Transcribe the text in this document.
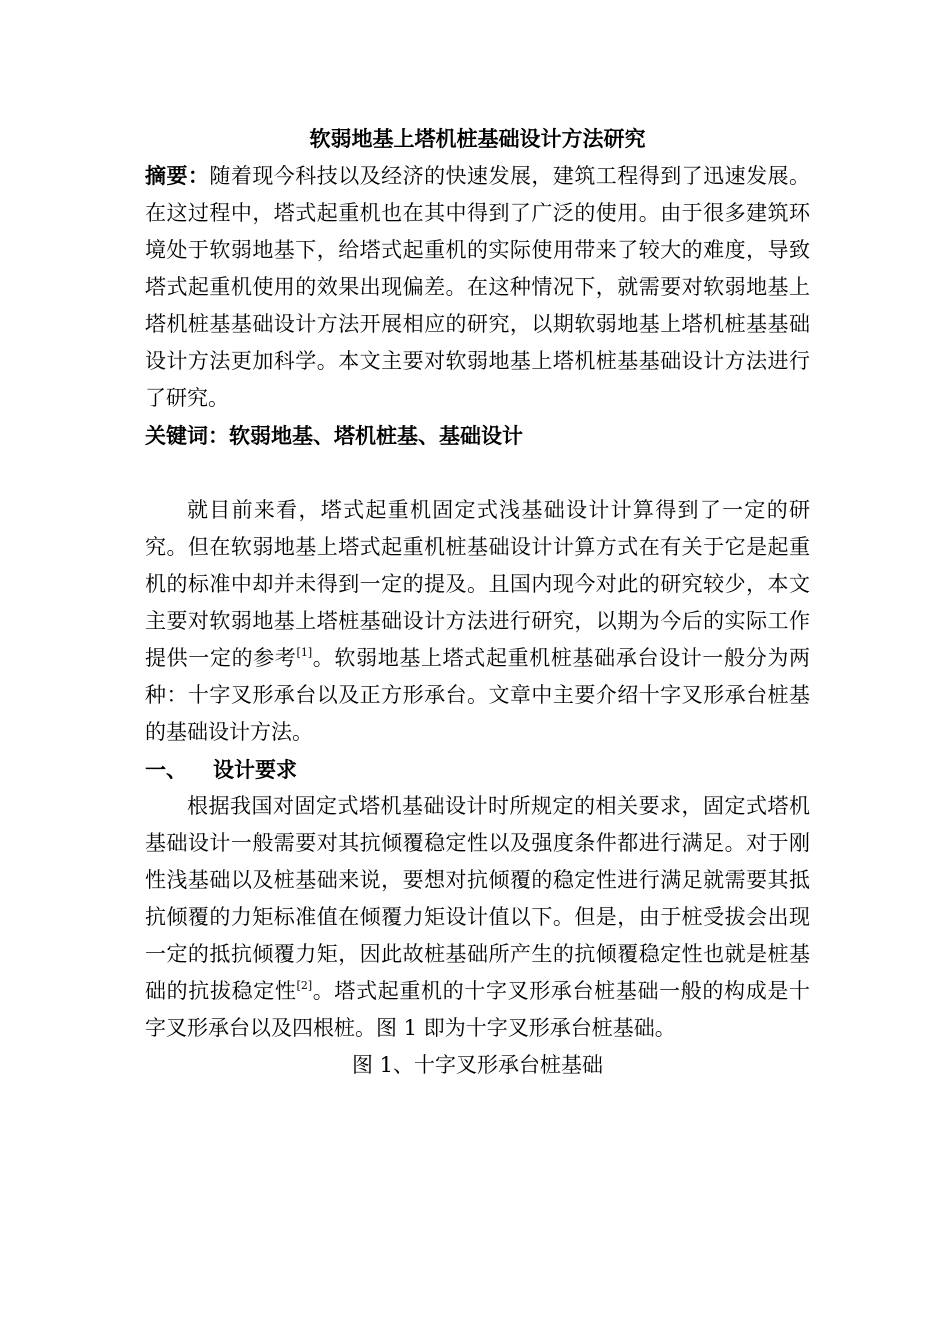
软弱地基上塔机桩基础设计方法研究

摘要：随着现今科技以及经济的快速发展，建筑工程得到了迅速发展。在这过程中，塔式起重机也在其中得到了广泛的使用。由于很多建筑环境处于软弱地基下，给塔式起重机的实际使用带来了较大的难度，导致塔式起重机使用的效果出现偏差。在这种情况下，就需要对软弱地基上塔机桩基基础设计方法开展相应的研究，以期软弱地基上塔机桩基基础设计方法更加科学。本文主要对软弱地基上塔机桩基基础设计方法进行了研究。

关键词：软弱地基、塔机桩基、基础设计

就目前来看，塔式起重机固定式浅基础设计计算得到了一定的研究。但在软弱地基上塔式起重机桩基础设计计算方式在有关于它是起重机的标准中却并未得到一定的提及。且国内现今对此的研究较少，本文主要对软弱地基上塔桩基础设计方法进行研究，以期为今后的实际工作提供一定的参考[1]。软弱地基上塔式起重机桩基础承台设计一般分为两种：十字叉形承台以及正方形承台。文章中主要介绍十字叉形承台桩基的基础设计方法。

一、 设计要求

根据我国对固定式塔机基础设计时所规定的相关要求，固定式塔机基础设计一般需要对其抗倾覆稳定性以及强度条件都进行满足。对于刚性浅基础以及桩基础来说，要想对抗倾覆的稳定性进行满足就需要其抵抗倾覆的力矩标准值在倾覆力矩设计值以下。但是，由于桩受拔会出现一定的抵抗倾覆力矩，因此故桩基础所产生的抗倾覆稳定性也就是桩基础的抗拔稳定性[2]。塔式起重机的十字叉形承台桩基础一般的构成是十字叉形承台以及四根桩。图 1 即为十字叉形承台桩基础。

图 1、十字叉形承台桩基础
